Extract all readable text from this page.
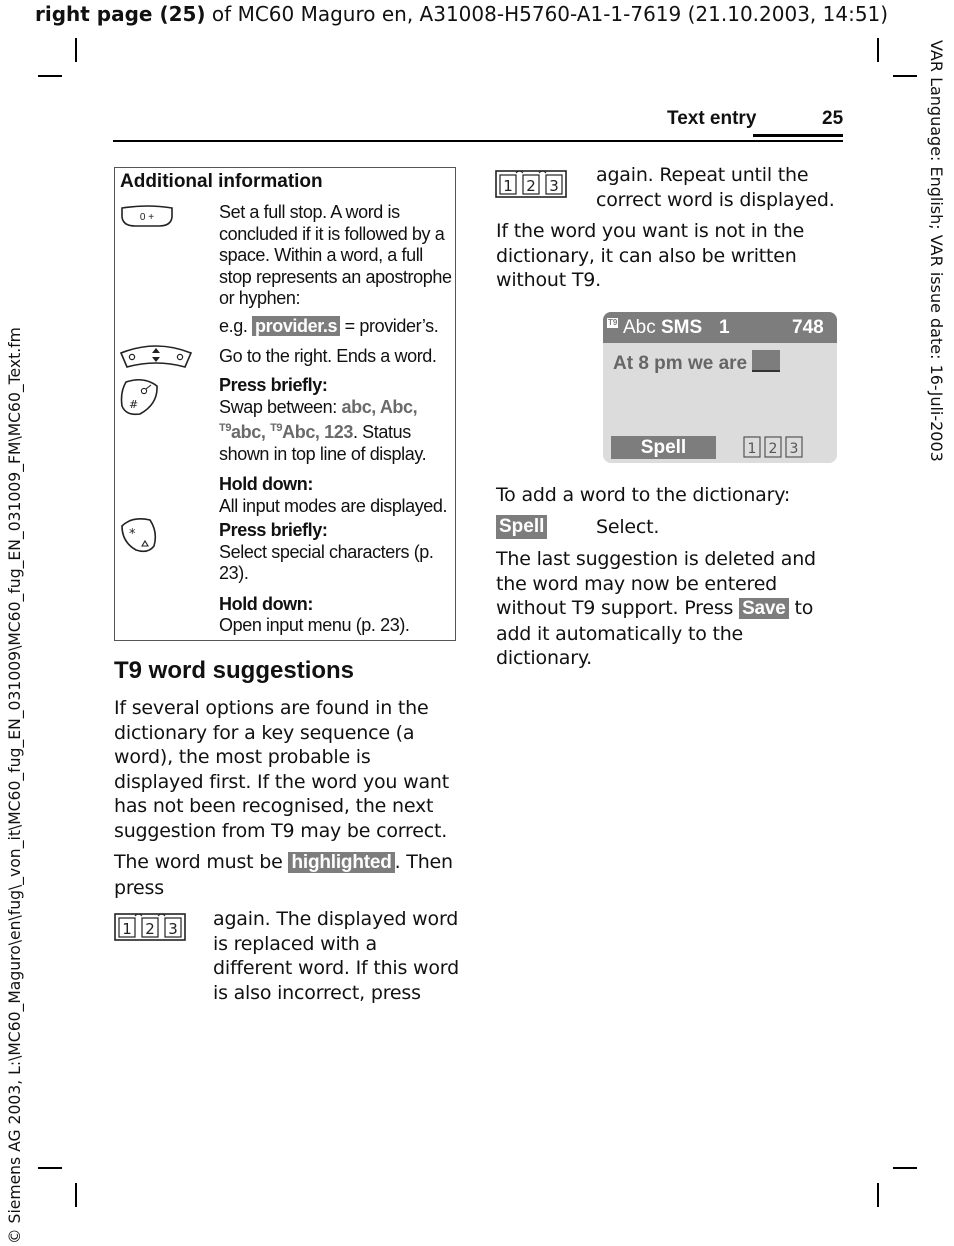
right page (25) of MC60 Maguro en, A31008-H5760-A1-1-7619 (21.10.2003, 14:51)
VAR Language: English; VAR issue date: 16-Juli-2003
© Siemens AG 2003, L:\MC60_Maguro\en\fug\_von_it\MC60_fug_EN_031009\MC60_fug_EN_031009_FM\MC60_Text.fm
Text entry	25
Additional information
0 +	Set a full stop. A word is concluded if it is followed by a space. Within a word, a full stop represents an apostrophe or hyphen:
e.g. provider.s = provider’s.
Go to the right. Ends a word.
#
Press briefly:
Swap between: abc, Abc,
$^{T9}$abc, $^{T9}$Abc, 123. Status shown in top line of display.
Hold down:
All input modes are displayed.
*	Press briefly:
Select special characters (p. 23).
Hold down:
Open input menu (p. 23).
T9 word suggestions
If several options are found in the dictionary for a key sequence (a word), the most probable is displayed first. If the word you want has not been recognised, the next suggestion from T9 may be correct.
The word must be highlighted . Then press
1 2 3 again. The displayed word is replaced with a different word. If this word is also incorrect, press
1 2 3 again. Repeat until the correct word is displayed.
If the word you want is not in the dictionary, it can also be written without T9.
T9 Abc SMS 1	748
At 8 pm we are
Spell	1 2 3
To add a word to the dictionary:
Spell	Select.
The last suggestion is deleted and the word may now be entered without T9 support. Press Save to add it automatically to the dictionary.
